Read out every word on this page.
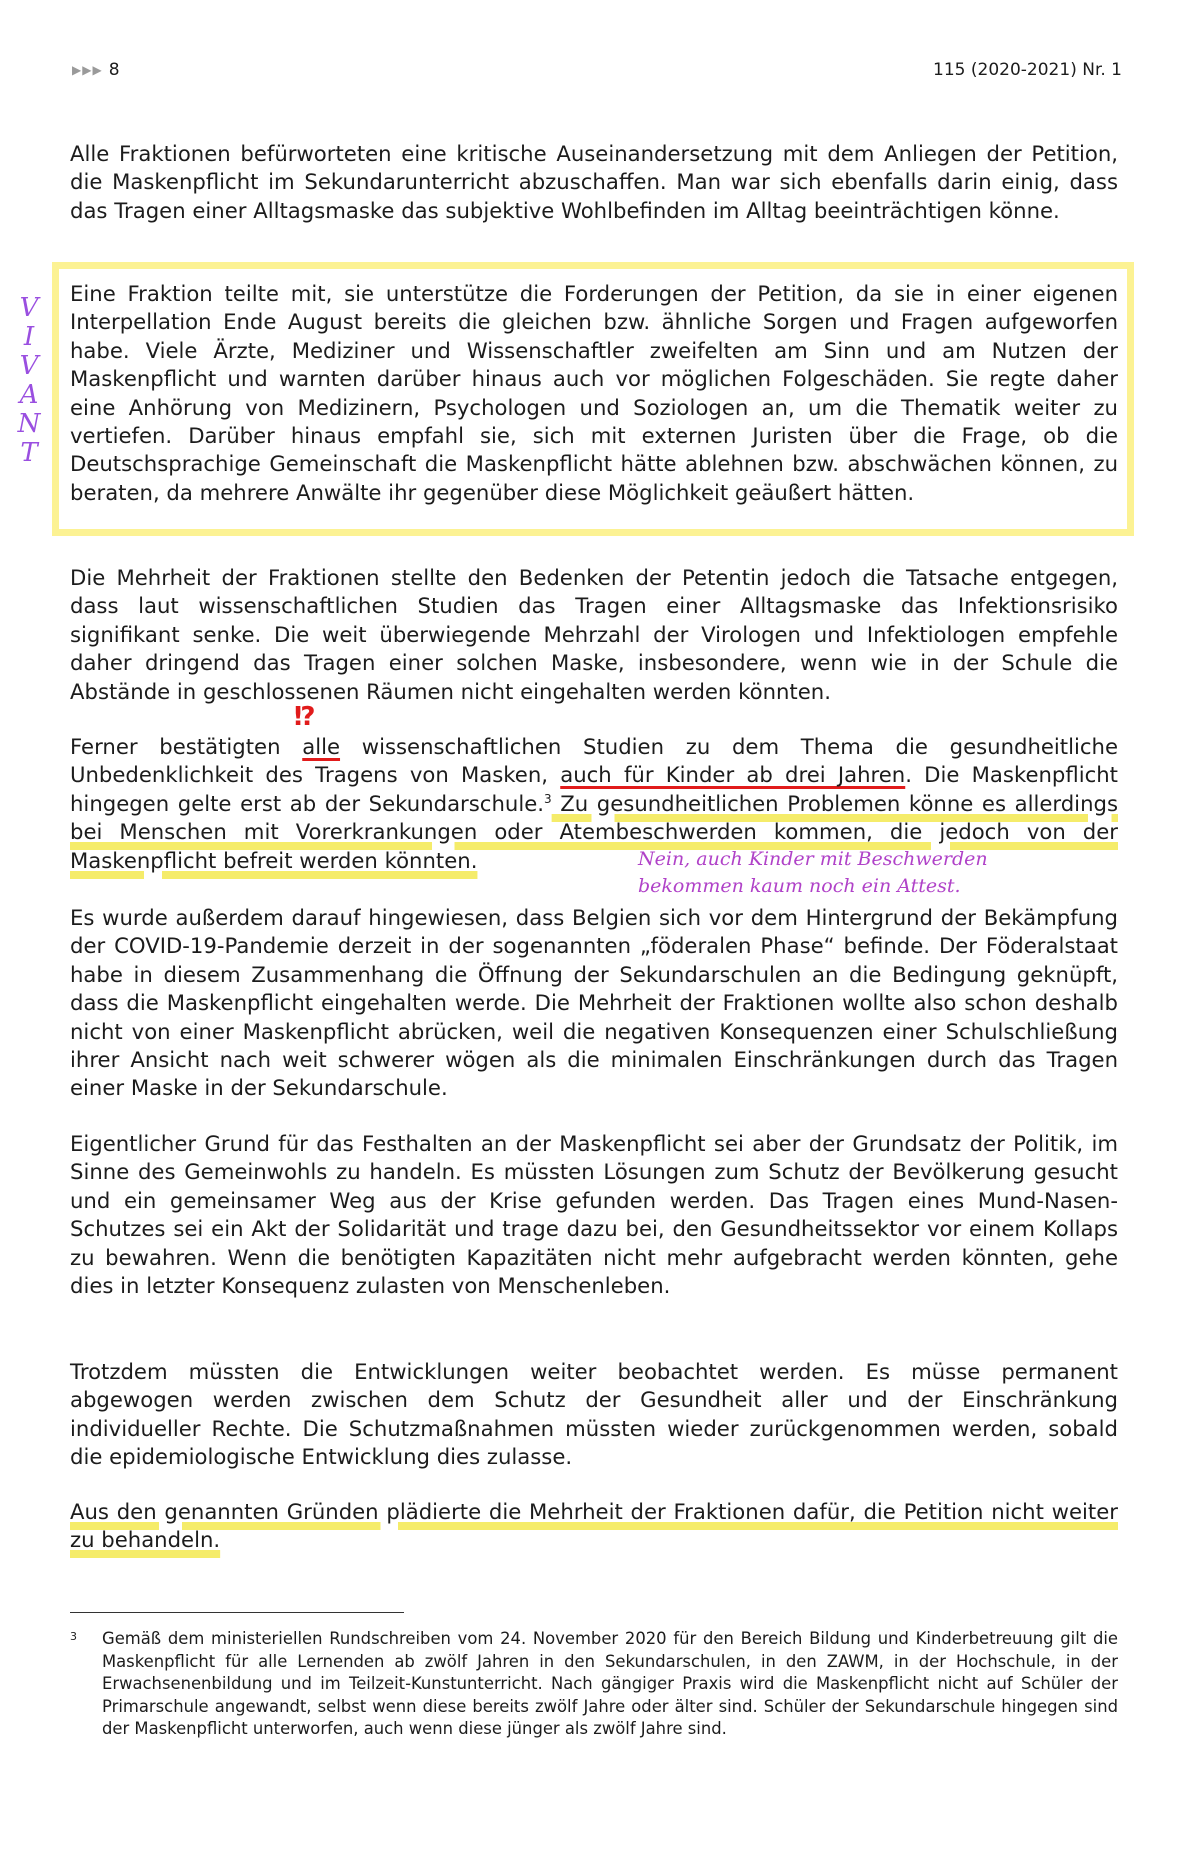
▶▶▶ 8	115 (2020-2021) Nr. 1

Alle Fraktionen befürworteten eine kritische Auseinandersetzung mit dem Anliegen der Petition, die Maskenpflicht im Sekundarunterricht abzuschaffen. Man war sich ebenfalls darin einig, dass das Tragen einer Alltagsmaske das subjektive Wohlbefinden im Alltag beeinträchtigen könne.

Eine Fraktion teilte mit, sie unterstütze die Forderungen der Petition, da sie in einer eigenen Interpellation Ende August bereits die gleichen bzw. ähnliche Sorgen und Fragen aufgeworfen habe. Viele Ärzte, Mediziner und Wissenschaftler zweifelten am Sinn und am Nutzen der Maskenpflicht und warnten darüber hinaus auch vor möglichen Folgeschäden. Sie regte daher eine Anhörung von Medizinern, Psychologen und Soziologen an, um die Thematik weiter zu vertiefen. Darüber hinaus empfahl sie, sich mit externen Juristen über die Frage, ob die Deutschsprachige Gemeinschaft die Maskenpflicht hätte ablehnen bzw. abschwächen können, zu beraten, da mehrere Anwälte ihr gegenüber diese Möglichkeit geäußert hätten.

V
I
V
A
N
T

Die Mehrheit der Fraktionen stellte den Bedenken der Petentin jedoch die Tatsache entgegen, dass laut wissenschaftlichen Studien das Tragen einer Alltagsmaske das Infektionsrisiko signifikant senke. Die weit überwiegende Mehrzahl der Virologen und Infektiologen empfehle daher dringend das Tragen einer solchen Maske, insbesondere, wenn wie in der Schule die Abstände in geschlossenen Räumen nicht eingehalten werden könnten.

⁉

Ferner bestätigten alle wissenschaftlichen Studien zu dem Thema die gesundheitliche Unbedenklichkeit des Tragens von Masken, auch für Kinder ab drei Jahren. Die Maskenpflicht hingegen gelte erst ab der Sekundarschule.$^3$ Zu gesundheitlichen Problemen könne es allerdings bei Menschen mit Vorerkrankungen oder Atembeschwerden kommen, die jedoch von der Maskenpflicht befreit werden könnten.	Nein, auch Kinder mit Beschwerden
bekommen kaum noch ein Attest.

Es wurde außerdem darauf hingewiesen, dass Belgien sich vor dem Hintergrund der Bekämpfung der COVID-19-Pandemie derzeit in der sogenannten „föderalen Phase“ befinde. Der Föderalstaat habe in diesem Zusammenhang die Öffnung der Sekundarschulen an die Bedingung geknüpft, dass die Maskenpflicht eingehalten werde. Die Mehrheit der Fraktionen wollte also schon deshalb nicht von einer Maskenpflicht abrücken, weil die negativen Konsequenzen einer Schulschließung ihrer Ansicht nach weit schwerer wögen als die minimalen Einschränkungen durch das Tragen einer Maske in der Sekundarschule.

Eigentlicher Grund für das Festhalten an der Maskenpflicht sei aber der Grundsatz der Politik, im Sinne des Gemeinwohls zu handeln. Es müssten Lösungen zum Schutz der Bevölkerung gesucht und ein gemeinsamer Weg aus der Krise gefunden werden. Das Tragen eines Mund-Nasen-Schutzes sei ein Akt der Solidarität und trage dazu bei, den Gesundheitssektor vor einem Kollaps zu bewahren. Wenn die benötigten Kapazitäten nicht mehr aufgebracht werden könnten, gehe dies in letzter Konsequenz zulasten von Menschenleben.

Trotzdem müssten die Entwicklungen weiter beobachtet werden. Es müsse permanent abgewogen werden zwischen dem Schutz der Gesundheit aller und der Einschränkung individueller Rechte. Die Schutzmaßnahmen müssten wieder zurückgenommen werden, sobald die epidemiologische Entwicklung dies zulasse.

Aus den genannten Gründen plädierte die Mehrheit der Fraktionen dafür, die Petition nicht weiter zu behandeln.

3	Gemäß dem ministeriellen Rundschreiben vom 24. November 2020 für den Bereich Bildung und Kinderbetreuung gilt die Maskenpflicht für alle Lernenden ab zwölf Jahren in den Sekundarschulen, in den ZAWM, in der Hochschule, in der Erwachsenenbildung und im Teilzeit-Kunstunterricht. Nach gängiger Praxis wird die Maskenpflicht nicht auf Schüler der Primarschule angewandt, selbst wenn diese bereits zwölf Jahre oder älter sind. Schüler der Sekundarschule hingegen sind der Maskenpflicht unterworfen, auch wenn diese jünger als zwölf Jahre sind.
